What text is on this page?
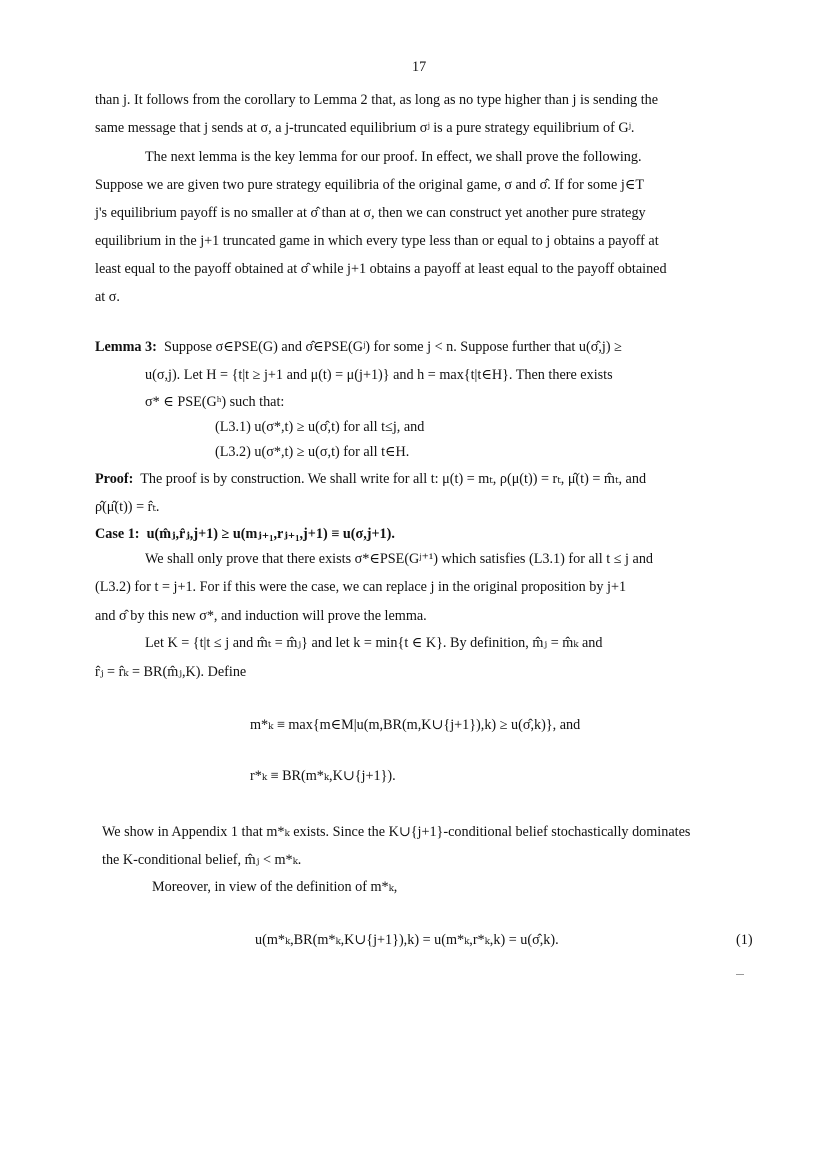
17
than j. It follows from the corollary to Lemma 2 that, as long as no type higher than j is sending the
same message that j sends at σ, a j-truncated equilibrium σʲ is a pure strategy equilibrium of Gʲ.
The next lemma is the key lemma for our proof. In effect, we shall prove the following.
Suppose we are given two pure strategy equilibria of the original game, σ and σ̂. If for some j∈T
j's equilibrium payoff is no smaller at σ̂ than at σ, then we can construct yet another pure strategy
equilibrium in the j+1 truncated game in which every type less than or equal to j obtains a payoff at
least equal to the payoff obtained at σ̂ while j+1 obtains a payoff at least equal to the payoff obtained
at σ.
Lemma 3: Suppose σ∈PSE(G) and σ̂∈PSE(Gʲ) for some j < n. Suppose further that u(σ̂,j) ≥
u(σ,j). Let H = {t|t ≥ j+1 and μ(t) = μ(j+1)} and h = max{t|t∈H}. Then there exists
σ* ∈ PSE(Gʰ) such that:
(L3.1) u(σ*,t) ≥ u(σ̂,t) for all t≤j, and
(L3.2) u(σ*,t) ≥ u(σ,t) for all t∈H.
Proof: The proof is by construction. We shall write for all t: μ(t) = mₜ, ρ(μ(t)) = rₜ, μ̂(t) = m̂ₜ, and
ρ̂(μ̂(t)) = r̂ₜ.
Case 1: u(m̂ⱼ,r̂ⱼ,j+1) ≥ u(mⱼ₊₁,rⱼ₊₁,j+1) ≡ u(σ,j+1).
We shall only prove that there exists σ*∈PSE(Gʲ⁺¹) which satisfies (L3.1) for all t ≤ j and
(L3.2) for t = j+1. For if this were the case, we can replace j in the original proposition by j+1
and σ̂ by this new σ*, and induction will prove the lemma.
Let K = {t|t ≤ j and m̂ₜ = m̂ⱼ} and let k = min{t ∈ K}. By definition, m̂ⱼ = m̂ₖ and
r̂ⱼ = r̂ₖ = BR(m̂ⱼ,K). Define
m*ₖ ≡ max{m∈M|u(m,BR(m,K∪{j+1}),k) ≥ u(σ̂,k)}, and
r*ₖ ≡ BR(m*ₖ,K∪{j+1}).
We show in Appendix 1 that m*ₖ exists. Since the K∪{j+1}-conditional belief stochastically dominates
the K-conditional belief, m̂ⱼ < m*ₖ.
Moreover, in view of the definition of m*ₖ,
u(m*ₖ,BR(m*ₖ,K∪{j+1}),k) = u(m*ₖ,r*ₖ,k) = u(σ̂,k).	(1)
